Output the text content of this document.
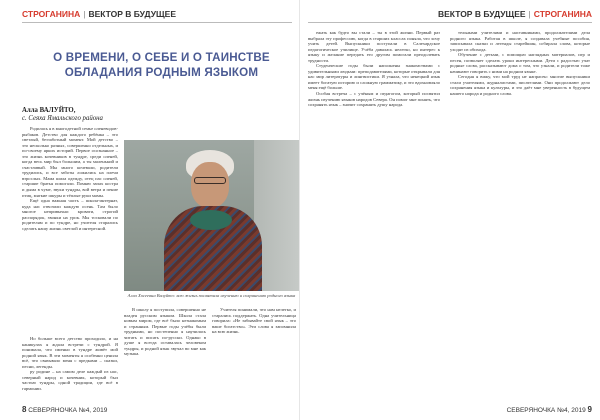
СТРОГАНИНА | ВЕКТОР В БУДУЩЕЕ
О ВРЕМЕНИ, О СЕБЕ И О ТАИНСТВЕ ОБЛАДАНИЯ РОДНЫМ ЯЗЫКОМ
Алла ВАЛУЙТО,
с. Сеяха Ямальского района

Родилась я в многодетной семье оленеводов-рыбаков. Детство для каждого ребёнка – это светлый, беззаботный момент. Мой детство – это несколько разных, совершенно отдельных, и по-своему ярких историй. Первое осознанное – это жизнь кочевников в тундре, среди оленей, когда весь мир был большим, а ты маленький и счастливый. Мы много кочевали, родители трудились, и все заботы ложились на плечи взрослых. Мама шила одежду, отец пас оленей, старшие братья помогали. Помню запах костра и дыма в чуме, звуки тундры, вой ветра и пение птиц, мягкие шкуры и тёплые руки мамы.

Ещё одна важная часть – школа-интернат, куда нас отвозили каждую осень. Там было многое непривычно: кровати, строгий распорядок, звонки на урок. Мы тосковали по родителям и по тундре, но учителя старались сделать нашу жизнь светлой и интересной.

Но больше всего детство проходило, и на каникулах я ждала встречи с тундрой. Я понимала, что именно в тундре живёт мой родной язык. В эти моменты я особенно ценила всё, что связывало меня с предками – сказки, песни, легенды.

ру родине – на самом деле каждый из нас, северный народ и кочевник, который был частью тундры, одной традиции, где всё в гармонии.

Алла Хосеевна Валуйто: всю жизнь посвятила изучению и сохранению родного языка

В школу я поступила, совершенно не владея русским языком. Школа стала новым миром, где всё было незнакомым и странным. Первые годы учёбы были трудными, но постепенно я научилась читать и писать по-русски. Однако в душе я всегда оставалась человеком тундры, и родной язык звучал во мне как музыка.

Учителя понимали, что нам нелегко, и старались поддержать. Одна учительница говорила: «Не забывайте свой язык – это ваше богатство». Эти слова я запомнила на всю жизнь.

8 СЕВЕРЯНОЧКА №4, 2019
ВЕКТОР В БУДУЩЕЕ | СТРОГАНИНА

ежать как будто вы стали – ты в этой жизни. Первый раз выбрала эту профессию, когда в старших классах поняла, что хочу учить детей. Выпускники поступали в Салехардское педагогическое училище. Учёба давалась нелегко, но интерес к языку и желание передать его другим помогали преодолевать трудности.

Студенческие годы были наполнены знакомствами с удивительными людьми: преподавателями, которые открывали для нас мир литературы и лингвистики. Я узнала, что ненецкий язык имеет богатую историю и сложную грамматику, и это вдохновляло меня ещё больше.

Особая встреча – с учёным и педагогом, который посвятил жизнь изучению языков народов Севера. Он помог мне понять, что сохранять язык – значит сохранять душу народа.

тельными учителями и наставниками, продолжателями дела родного языка. Работая в школе, я создавала учебные пособия, записывала сказки и легенды старейшин, собирала слова, которые уходят из обихода.

Обучение с детьми, с помощью наглядных материалов, игр и песен, позволяет сделать уроки интересными. Дети с радостью учат родные слова, рассказывают дома о том, что узнали, и родители тоже начинают говорить с ними на родном языке.

Сегодня я вижу, что мой труд не напрасен: многие выпускники стали учителями, журналистами, писателями. Они продолжают дело сохранения языка и культуры, и это даёт мне уверенность в будущем нашего народа и родного слова.

СЕВЕРЯНОЧКА №4, 2019 9
